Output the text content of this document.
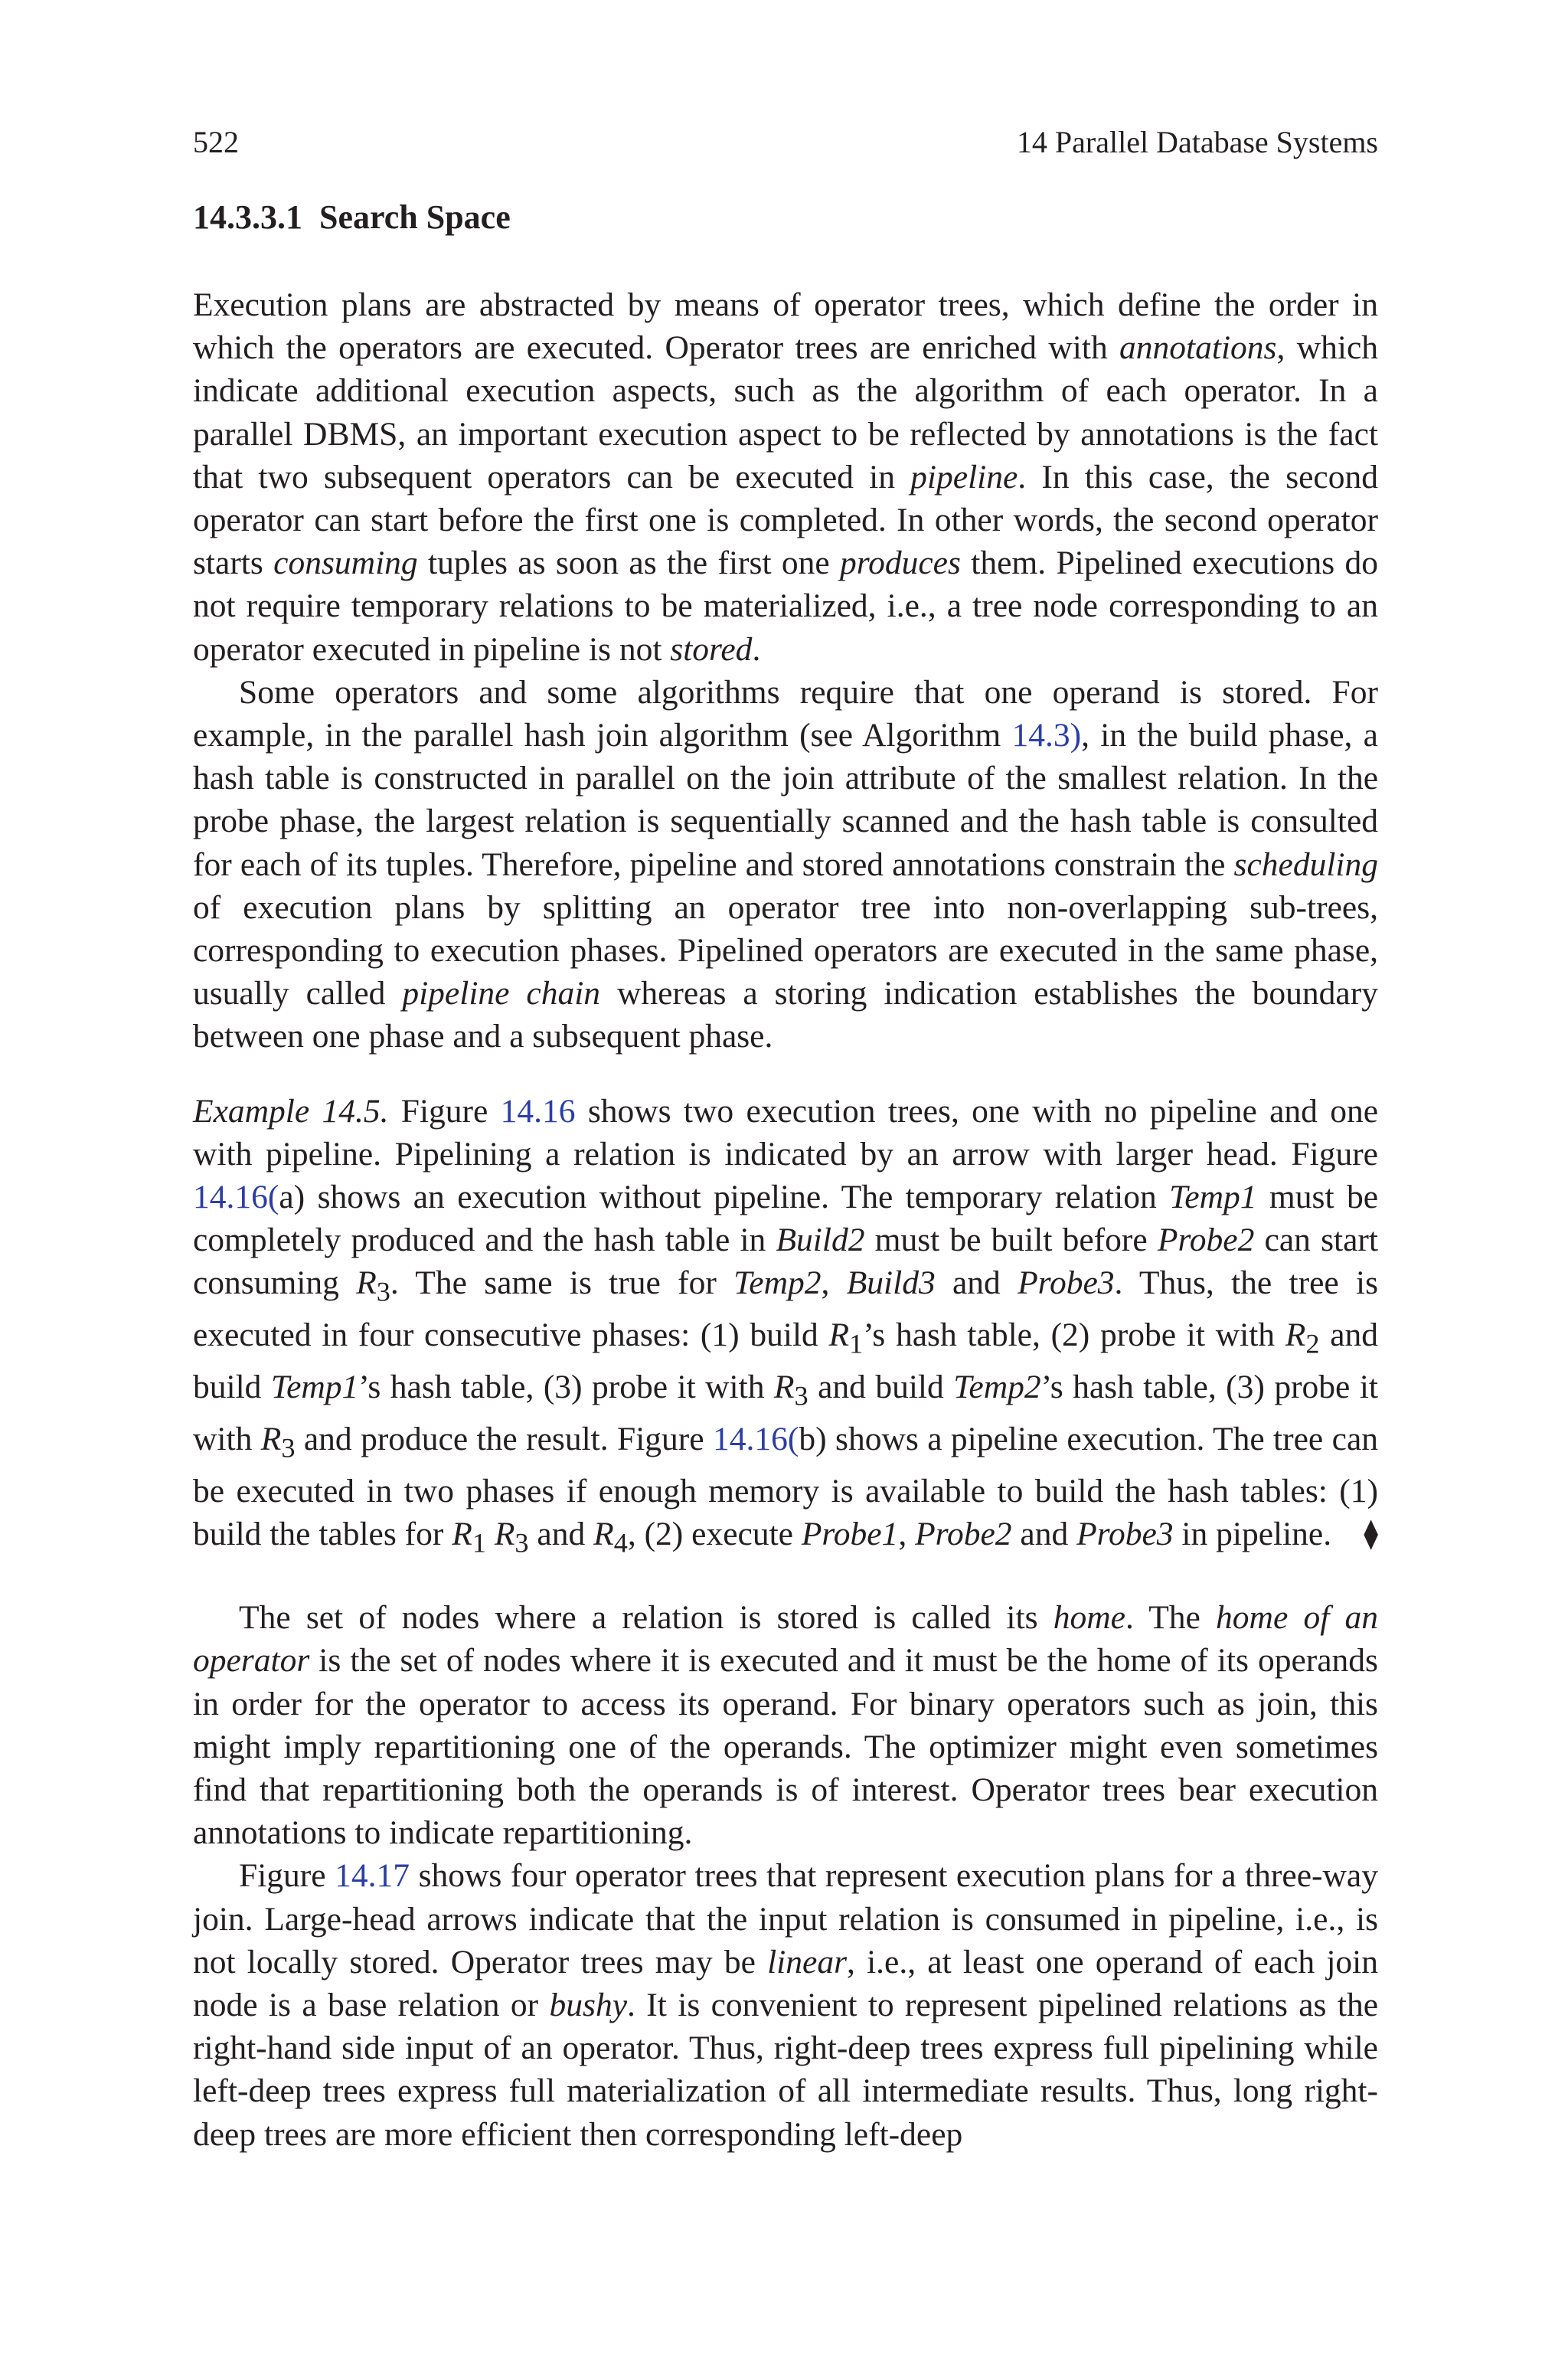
522	14 Parallel Database Systems
14.3.3.1 Search Space

Execution plans are abstracted by means of operator trees, which define the order in which the operators are executed. Operator trees are enriched with annotations, which indicate additional execution aspects, such as the algorithm of each operator. In a parallel DBMS, an important execution aspect to be reflected by annotations is the fact that two subsequent operators can be executed in pipeline. In this case, the second operator can start before the first one is completed. In other words, the second operator starts consuming tuples as soon as the first one produces them. Pipelined executions do not require temporary relations to be materialized, i.e., a tree node corresponding to an operator executed in pipeline is not stored.

Some operators and some algorithms require that one operand is stored. For example, in the parallel hash join algorithm (see Algorithm 14.3), in the build phase, a hash table is constructed in parallel on the join attribute of the smallest relation. In the probe phase, the largest relation is sequentially scanned and the hash table is consulted for each of its tuples. Therefore, pipeline and stored annotations constrain the scheduling of execution plans by splitting an operator tree into non-overlapping sub-trees, corresponding to execution phases. Pipelined operators are executed in the same phase, usually called pipeline chain whereas a storing indication establishes the boundary between one phase and a subsequent phase.

Example 14.5. Figure 14.16 shows two execution trees, one with no pipeline and one with pipeline. Pipelining a relation is indicated by an arrow with larger head. Figure 14.16(a) shows an execution without pipeline. The temporary relation Temp1 must be completely produced and the hash table in Build2 must be built before Probe2 can start consuming $R_3$. The same is true for Temp2, Build3 and Probe3. Thus, the tree is executed in four consecutive phases: (1) build $R_1’s$ hash table, (2) probe it with $R_2$ and build Temp1’s hash table, (3) probe it with $R_3$ and build Temp2’s hash table, (3) probe it with $R_3$ and produce the result. Figure 14.16(b) shows a pipeline execution. The tree can be executed in two phases if enough memory is available to build the hash tables: (1) build the tables for $R_1$ $R_3$ and $R_4$, (2) execute Probe1, Probe2 and Probe3 in pipeline. ⧫

The set of nodes where a relation is stored is called its home. The home of an operator is the set of nodes where it is executed and it must be the home of its operands in order for the operator to access its operand. For binary operators such as join, this might imply repartitioning one of the operands. The optimizer might even sometimes find that repartitioning both the operands is of interest. Operator trees bear execution annotations to indicate repartitioning.

Figure 14.17 shows four operator trees that represent execution plans for a three-way join. Large-head arrows indicate that the input relation is consumed in pipeline, i.e., is not locally stored. Operator trees may be linear, i.e., at least one operand of each join node is a base relation or bushy. It is convenient to represent pipelined relations as the right-hand side input of an operator. Thus, right-deep trees express full pipelining while left-deep trees express full materialization of all intermediate results. Thus, long right-deep trees are more efficient then corresponding left-deep
